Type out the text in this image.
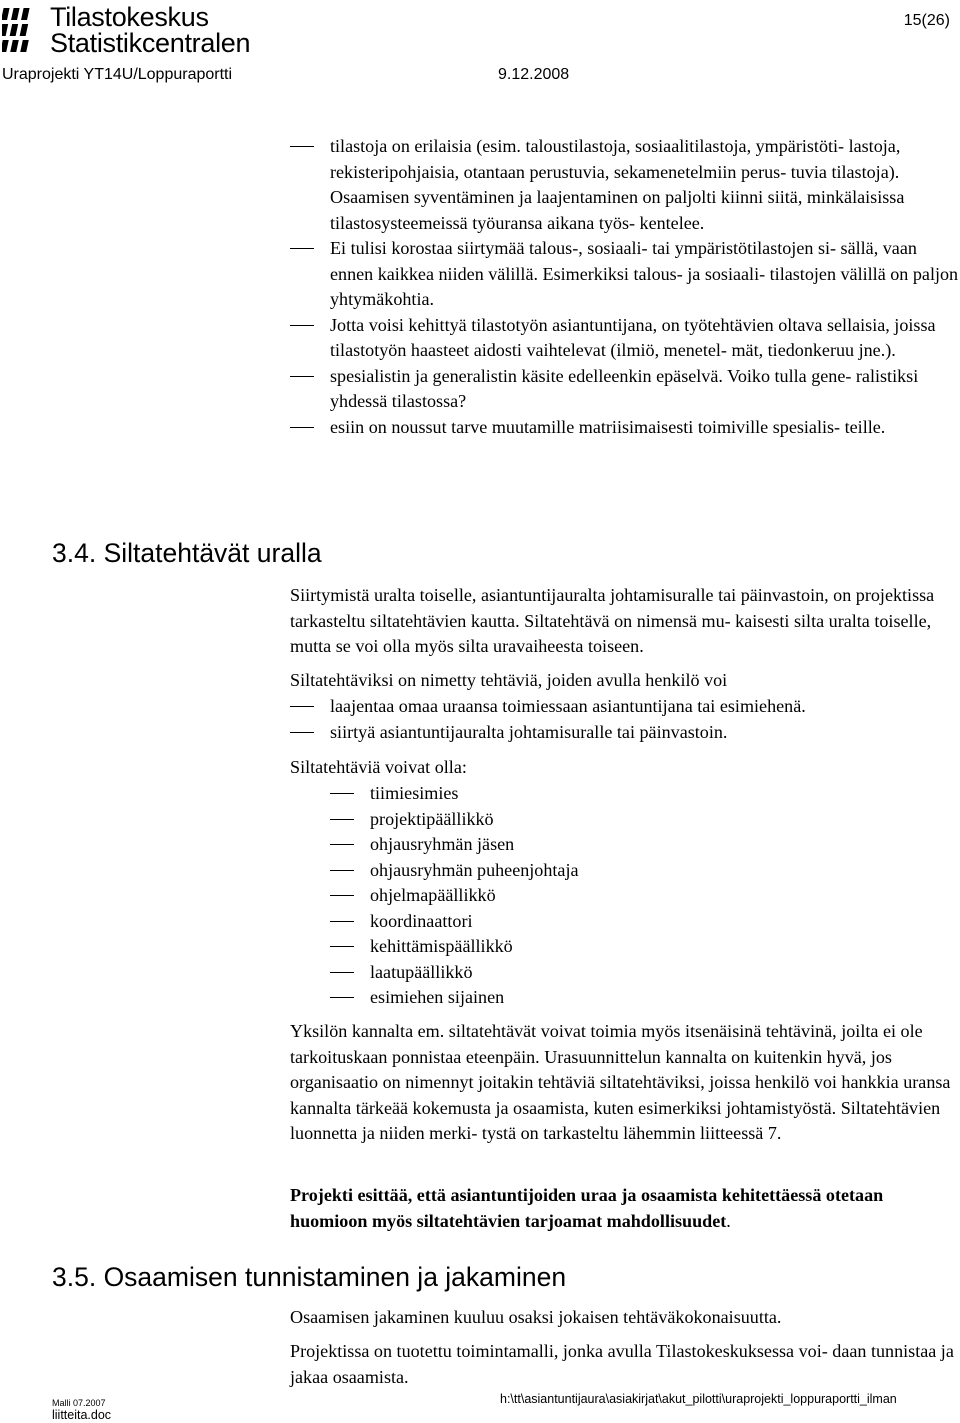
Tilastokeskus
Statistikcentralen
15(26)
Uraprojekti YT14U/Loppuraportti	9.12.2008
tilastoja on erilaisia (esim. taloustilastoja, sosiaalitilastoja, ympäristöti- lastoja, rekisteripohjaisia, otantaan perustuvia, sekamenetelmiin perus- tuvia tilastoja). Osaamisen syventäminen ja laajentaminen on paljolti kiinni siitä, minkälaisissa tilastosysteemeissä työuransa aikana työs- kentelee.
Ei tulisi korostaa siirtymää talous-, sosiaali- tai ympäristötilastojen si- sällä, vaan ennen kaikkea niiden välillä. Esimerkiksi talous- ja sosiaali- tilastojen välillä on paljon yhtymäkohtia.
Jotta voisi kehittyä tilastotyön asiantuntijana, on työtehtävien oltava sellaisia, joissa tilastotyön haasteet aidosti vaihtelevat (ilmiö, menetel- mät, tiedonkeruu jne.).
spesialistin ja generalistin käsite edelleenkin epäselvä. Voiko tulla gene- ralistiksi yhdessä tilastossa?
esiin on noussut tarve muutamille matriisimaisesti toimiville spesialis- teille.
3.4. Siltatehtävät uralla

Siirtymistä uralta toiselle, asiantuntijauralta johtamisuralle tai päinvastoin, on projektissa tarkasteltu siltatehtävien kautta. Siltatehtävä on nimensä mu- kaisesti silta uralta toiselle, mutta se voi olla myös silta uravaiheesta toiseen.

Siltatehtäviksi on nimetty tehtäviä, joiden avulla henkilö voi

laajentaa omaa uraansa toimiessaan asiantuntijana tai esimiehenä.
siirtyä asiantuntijauralta johtamisuralle tai päinvastoin.

Siltatehtäviä voivat olla:

tiimiesimies
projektipäällikkö
ohjausryhmän jäsen
ohjausryhmän puheenjohtaja
ohjelmapäällikkö
koordinaattori
kehittämispäällikkö
laatupäällikkö
esimiehen sijainen

Yksilön kannalta em. siltatehtävät voivat toimia myös itsenäisinä tehtävinä, joilta ei ole tarkoituskaan ponnistaa eteenpäin. Urasuunnittelun kannalta on kuitenkin hyvä, jos organisaatio on nimennyt joitakin tehtäviä siltatehtäviksi, joissa henkilö voi hankkia uransa kannalta tärkeää kokemusta ja osaamista, kuten esimerkiksi johtamistyöstä. Siltatehtävien luonnetta ja niiden merki- tystä on tarkasteltu lähemmin liitteessä 7.

Projekti esittää, että asiantuntijoiden uraa ja osaamista kehitettäessä otetaan huomioon myös siltatehtävien tarjoamat mahdollisuudet.

3.5. Osaamisen tunnistaminen ja jakaminen

Osaamisen jakaminen kuuluu osaksi jokaisen tehtäväkokonaisuutta.

Projektissa on tuotettu toimintamalli, jonka avulla Tilastokeskuksessa voi- daan tunnistaa ja jakaa osaamista.

Malli 07.2007
liitteita.doc
h:\tt\asiantuntijaura\asiakirjat\akut_pilotti\uraprojekti_loppuraportti_ilman
